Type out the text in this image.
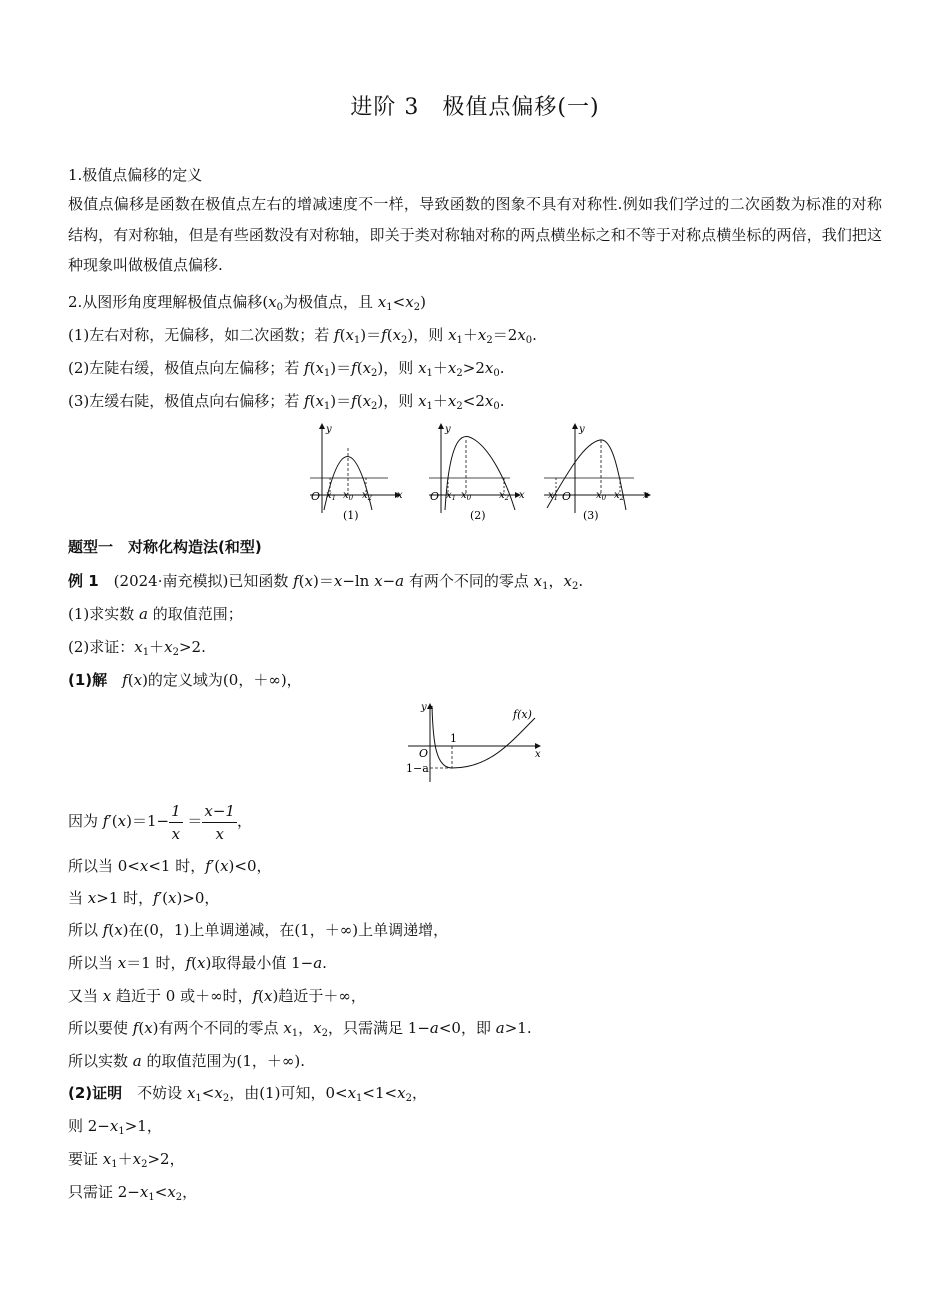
进阶 3　极值点偏移(一)
1.极值点偏移的定义
极值点偏移是函数在极值点左右的增减速度不一样，导致函数的图象不具有对称性.例如我们学过的二次函数为标准的对称结构，有对称轴，但是有些函数没有对称轴，即关于类对称轴对称的两点横坐标之和不等于对称点横坐标的两倍，我们把这种现象叫做极值点偏移.
2.从图形角度理解极值点偏移($x_0$为极值点，且 $x_1<x_2$)
(1)左右对称，无偏移，如二次函数；若 $f(x_1)=f(x_2)$，则 $x_1+x_2=2x_0$.
(2)左陡右缓，极值点向左偏移；若 $f(x_1)=f(x_2)$，则 $x_1+x_2>2x_0$.
(3)左缓右陡，极值点向右偏移；若 $f(x_1)=f(x_2)$，则 $x_1+x_2<2x_0$.
y
O $x_1$ $x_0$ $x_2$ x
(1)
y
O $x_1$ $x_0$	$x_2$ x
(2)
y
O
$x_1$	$x_0$ $x_2$ x
(3)
题型一　对称化构造法(和型)
例 1　(2024·南充模拟)已知函数 f(x)＝x−ln x−a 有两个不同的零点 $x_1$，$x_2$.
(1)求实数 a 的取值范围；
(2)求证：$x_1+x_2>2$.
(1)解　 f(x)的定义域为(0，＋∞)，
y
O
1
x
f(x)
1−a
因为 $f'(x)=1- \frac{1}{x} = \frac{x-1}{x}$ ，
所以当 0<x<1 时，f′(x)<0，
当 x>1 时，f′(x)>0，
所以 f(x)在(0，1)上单调递减，在(1，＋∞)上单调递增，
所以当 x＝1 时，f(x)取得最小值 1−a.
又当 x 趋近于 0 或＋∞时，f(x)趋近于＋∞，
所以要使 f(x)有两个不同的零点 $x_1$，$x_2$，只需满足 1−a<0，即 a>1.
所以实数 a 的取值范围为(1，＋∞).
(2)证明　不妨设 $x_1<x_2$，由(1)可知，$0<x_1<1<x_2$，
则 $2-x_1>1$，
要证 $x_1+x_2>2$，
只需证 $2-x_1<x_2$，
